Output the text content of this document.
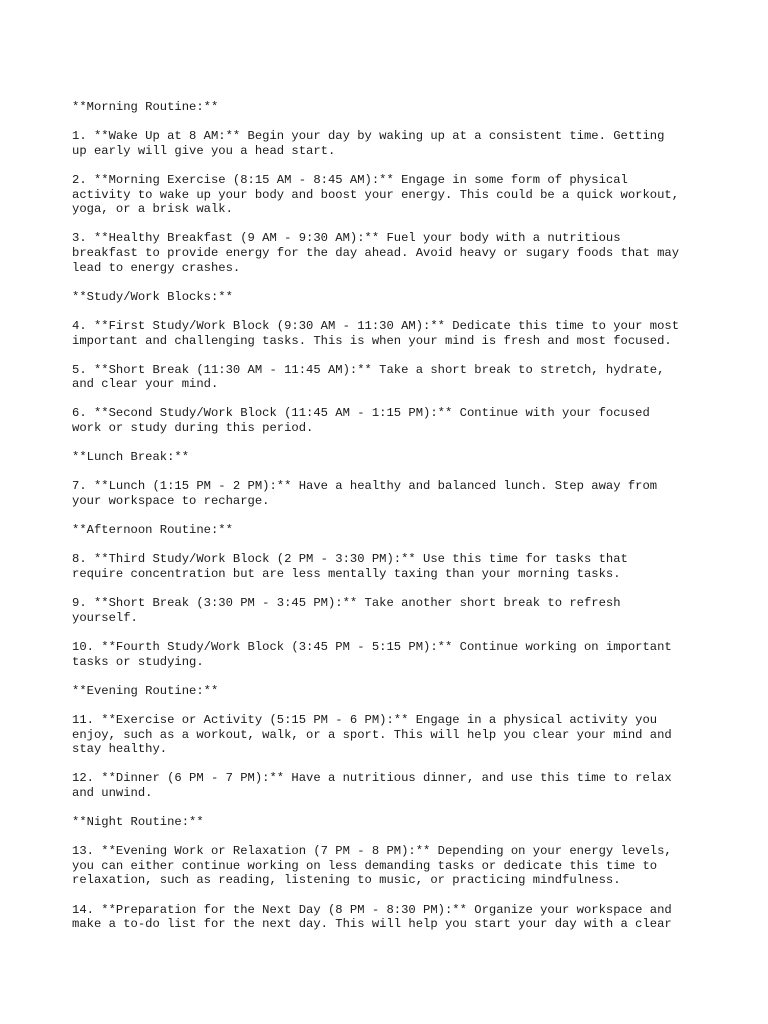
**Morning Routine:**

1. **Wake Up at 8 AM:** Begin your day by waking up at a consistent time. Getting
up early will give you a head start.

2. **Morning Exercise (8:15 AM - 8:45 AM):** Engage in some form of physical
activity to wake up your body and boost your energy. This could be a quick workout,
yoga, or a brisk walk.

3. **Healthy Breakfast (9 AM - 9:30 AM):** Fuel your body with a nutritious
breakfast to provide energy for the day ahead. Avoid heavy or sugary foods that may
lead to energy crashes.

**Study/Work Blocks:**

4. **First Study/Work Block (9:30 AM - 11:30 AM):** Dedicate this time to your most
important and challenging tasks. This is when your mind is fresh and most focused.

5. **Short Break (11:30 AM - 11:45 AM):** Take a short break to stretch, hydrate,
and clear your mind.

6. **Second Study/Work Block (11:45 AM - 1:15 PM):** Continue with your focused
work or study during this period.

**Lunch Break:**

7. **Lunch (1:15 PM - 2 PM):** Have a healthy and balanced lunch. Step away from
your workspace to recharge.

**Afternoon Routine:**

8. **Third Study/Work Block (2 PM - 3:30 PM):** Use this time for tasks that
require concentration but are less mentally taxing than your morning tasks.

9. **Short Break (3:30 PM - 3:45 PM):** Take another short break to refresh
yourself.

10. **Fourth Study/Work Block (3:45 PM - 5:15 PM):** Continue working on important
tasks or studying.

**Evening Routine:**

11. **Exercise or Activity (5:15 PM - 6 PM):** Engage in a physical activity you
enjoy, such as a workout, walk, or a sport. This will help you clear your mind and
stay healthy.

12. **Dinner (6 PM - 7 PM):** Have a nutritious dinner, and use this time to relax
and unwind.

**Night Routine:**

13. **Evening Work or Relaxation (7 PM - 8 PM):** Depending on your energy levels,
you can either continue working on less demanding tasks or dedicate this time to
relaxation, such as reading, listening to music, or practicing mindfulness.

14. **Preparation for the Next Day (8 PM - 8:30 PM):** Organize your workspace and
make a to-do list for the next day. This will help you start your day with a clear
